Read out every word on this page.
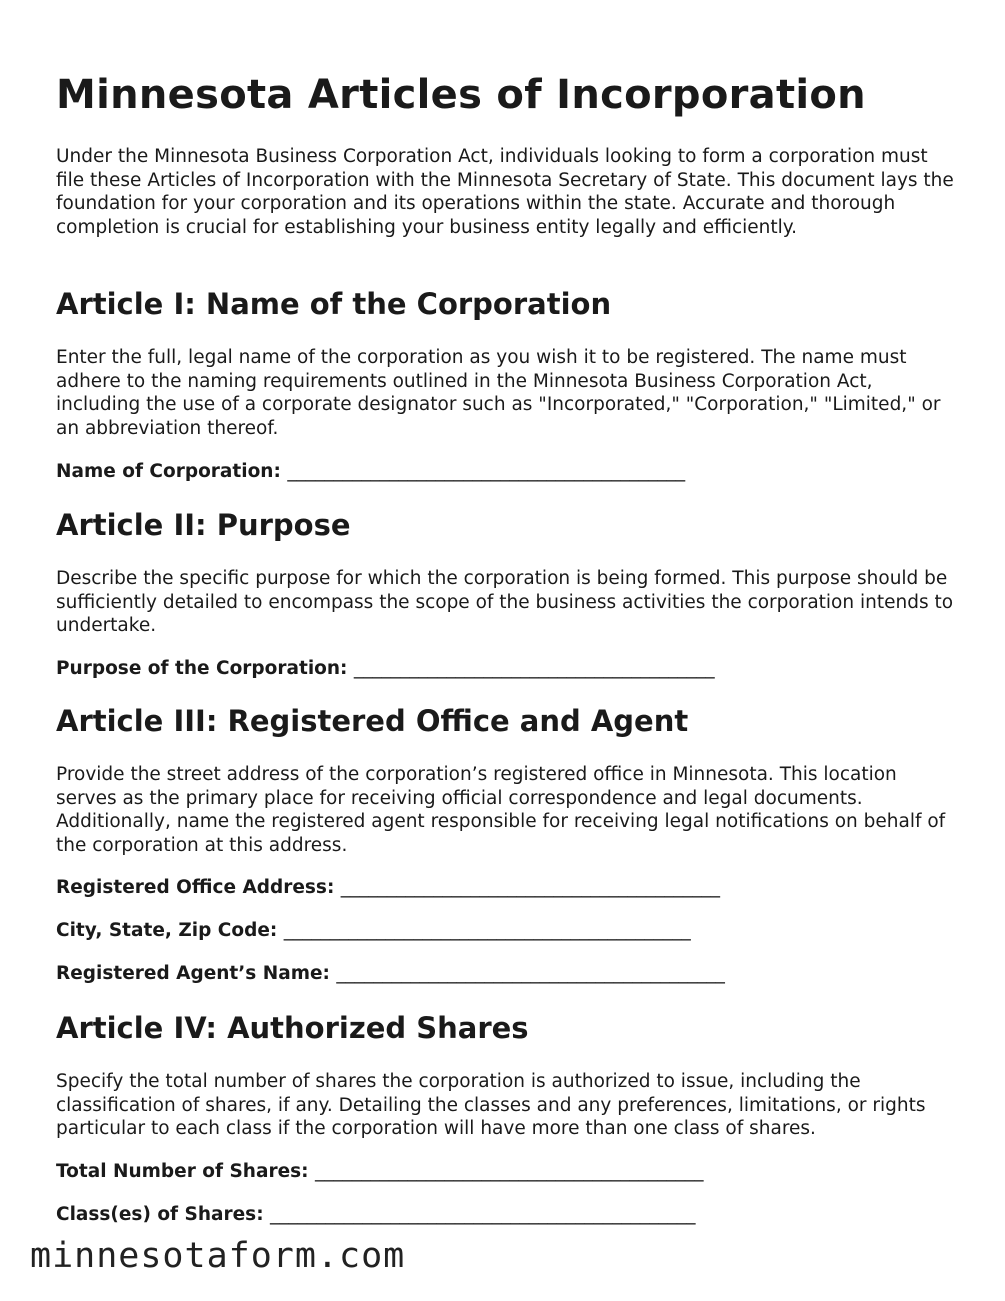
Minnesota Articles of Incorporation

Under the Minnesota Business Corporation Act, individuals looking to form a corporation must file these Articles of Incorporation with the Minnesota Secretary of State. This document lays the foundation for your corporation and its operations within the state. Accurate and thorough completion is crucial for establishing your business entity legally and efficiently.

Article I: Name of the Corporation

Enter the full, legal name of the corporation as you wish it to be registered. The name must adhere to the naming requirements outlined in the Minnesota Business Corporation Act, including the use of a corporate designator such as "Incorporated," "Corporation," "Limited," or an abbreviation thereof.

Name of Corporation: ___________________________________________
Article II: Purpose

Describe the specific purpose for which the corporation is being formed. This purpose should be sufficiently detailed to encompass the scope of the business activities the corporation intends to undertake.

Purpose of the Corporation: _______________________________________
Article III: Registered Office and Agent

Provide the street address of the corporation’s registered office in Minnesota. This location serves as the primary place for receiving official correspondence and legal documents. Additionally, name the registered agent responsible for receiving legal notifications on behalf of the corporation at this address.

Registered Office Address: _________________________________________
City, State, Zip Code: ____________________________________________
Registered Agent’s Name: __________________________________________
Article IV: Authorized Shares

Specify the total number of shares the corporation is authorized to issue, including the classification of shares, if any. Detailing the classes and any preferences, limitations, or rights particular to each class if the corporation will have more than one class of shares.

Total Number of Shares: __________________________________________
Class(es) of Shares: ______________________________________________
minnesotaform.com
